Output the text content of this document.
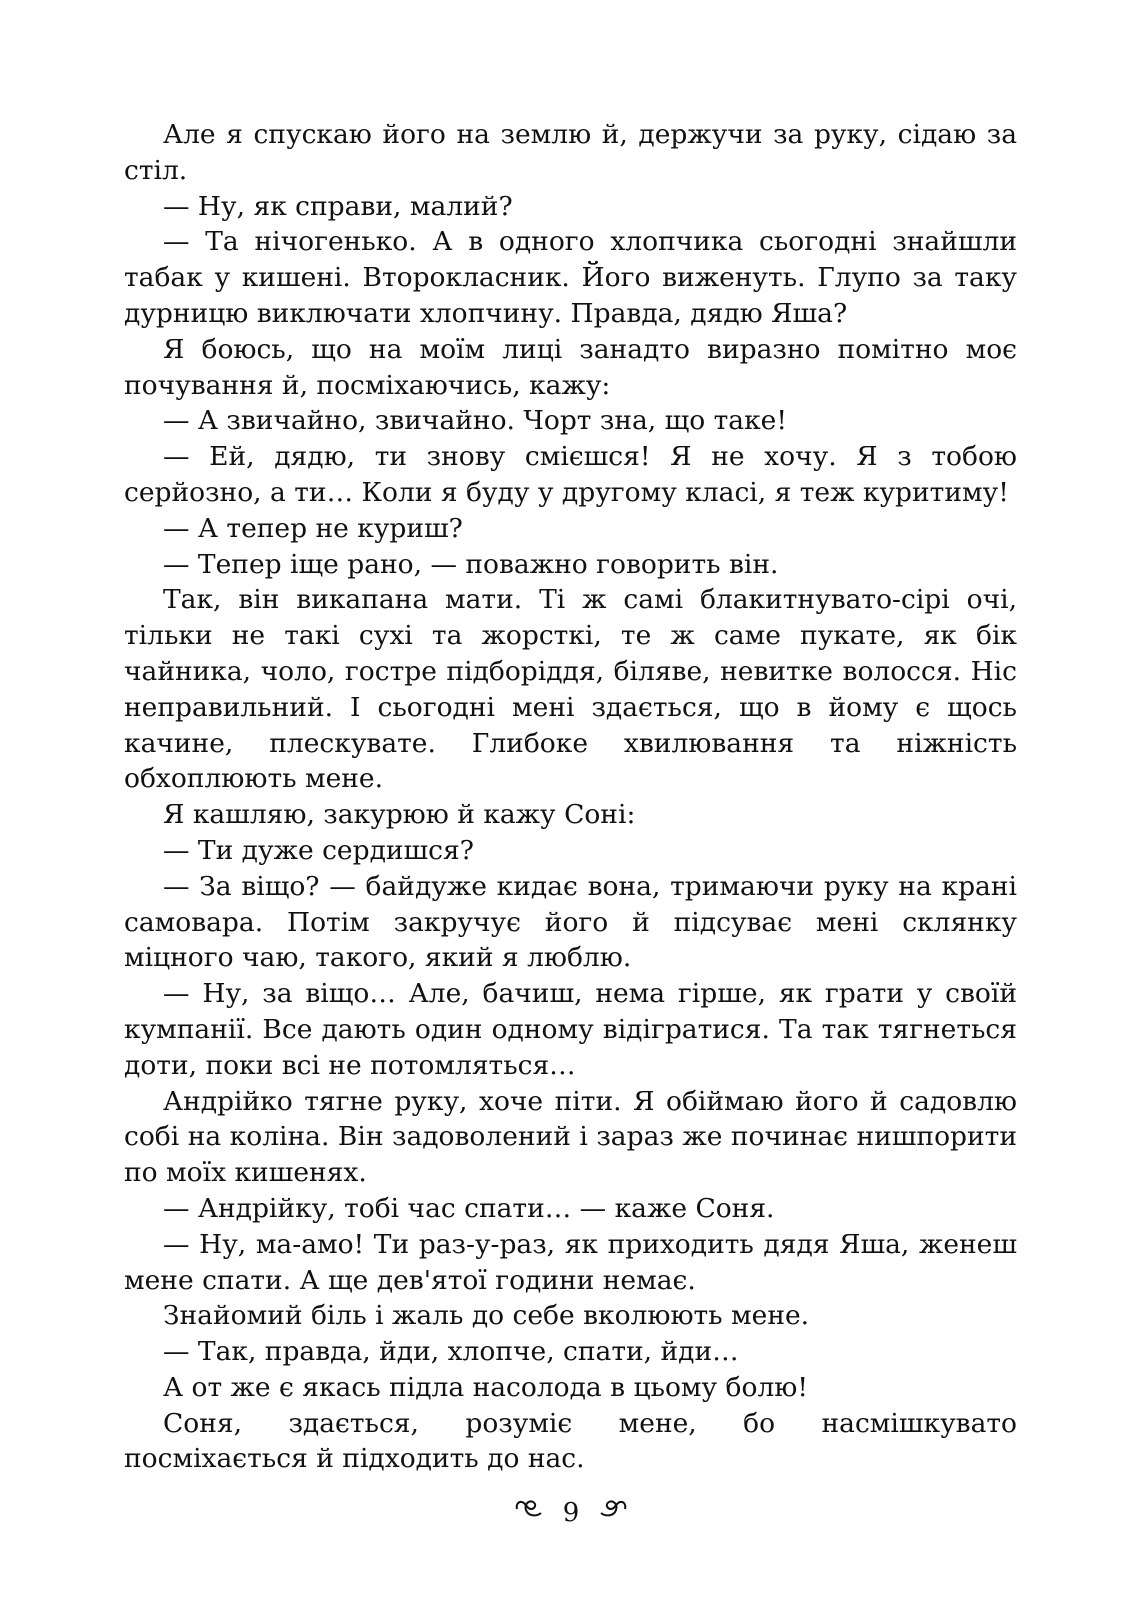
Але я спускаю його на землю й, держучи за руку, сідаю за стіл.

— Ну, як справи, малий?

— Та нічогенько. А в одного хлопчика сьогодні знайшли табак у кишені. Второкласник. Його виженуть. Глупо за таку дурницю виключати хлопчину. Правда, дядю Яша?

Я боюсь, що на моїм лиці занадто виразно помітно моє почування й, посміхаючись, кажу:

— А звичайно, звичайно. Чорт зна, що таке!

— Ей, дядю, ти знову смієшся! Я не хочу. Я з тобою серйозно, а ти… Коли я буду у другому класі, я теж куритиму!

— А тепер не куриш?

— Тепер іще рано, — поважно говорить він.

Так, він викапана мати. Ті ж самі блакитнувато-сірі очі, тільки не такі сухі та жорсткі, те ж саме пукате, як бік чайника, чоло, гостре підборіддя, біляве, невитке волосся. Ніс неправильний. І сьогодні мені здається, що в йому є щось качине, плескувате. Глибоке хвилювання та ніжність обхоплюють мене.

Я кашляю, закурюю й кажу Соні:

— Ти дуже сердишся?

— За віщо? — байдуже кидає вона, тримаючи руку на крані самовара. Потім закручує його й підсуває мені склянку міцного чаю, такого, який я люблю.

— Ну, за віщо… Але, бачиш, нема гірше, як грати у своїй кумпанії. Все дають один одному відігратися. Та так тягнеться доти, поки всі не потомляться…

Андрійко тягне руку, хоче піти. Я обіймаю його й садовлю собі на коліна. Він задоволений і зараз же починає нишпорити по моїх кишенях.

— Андрійку, тобі час спати… — каже Соня.

— Ну, ма-амо! Ти раз-у-раз, як приходить дядя Яша, женеш мене спати. А ще дев'ятої години немає.

Знайомий біль і жаль до себе вколюють мене.

— Так, правда, йди, хлопче, спати, йди…

А от же є якась підла насолода в цьому болю!

Соня, здається, розуміє мене, бо насмішкувато посміхається й підходить до нас.

9
